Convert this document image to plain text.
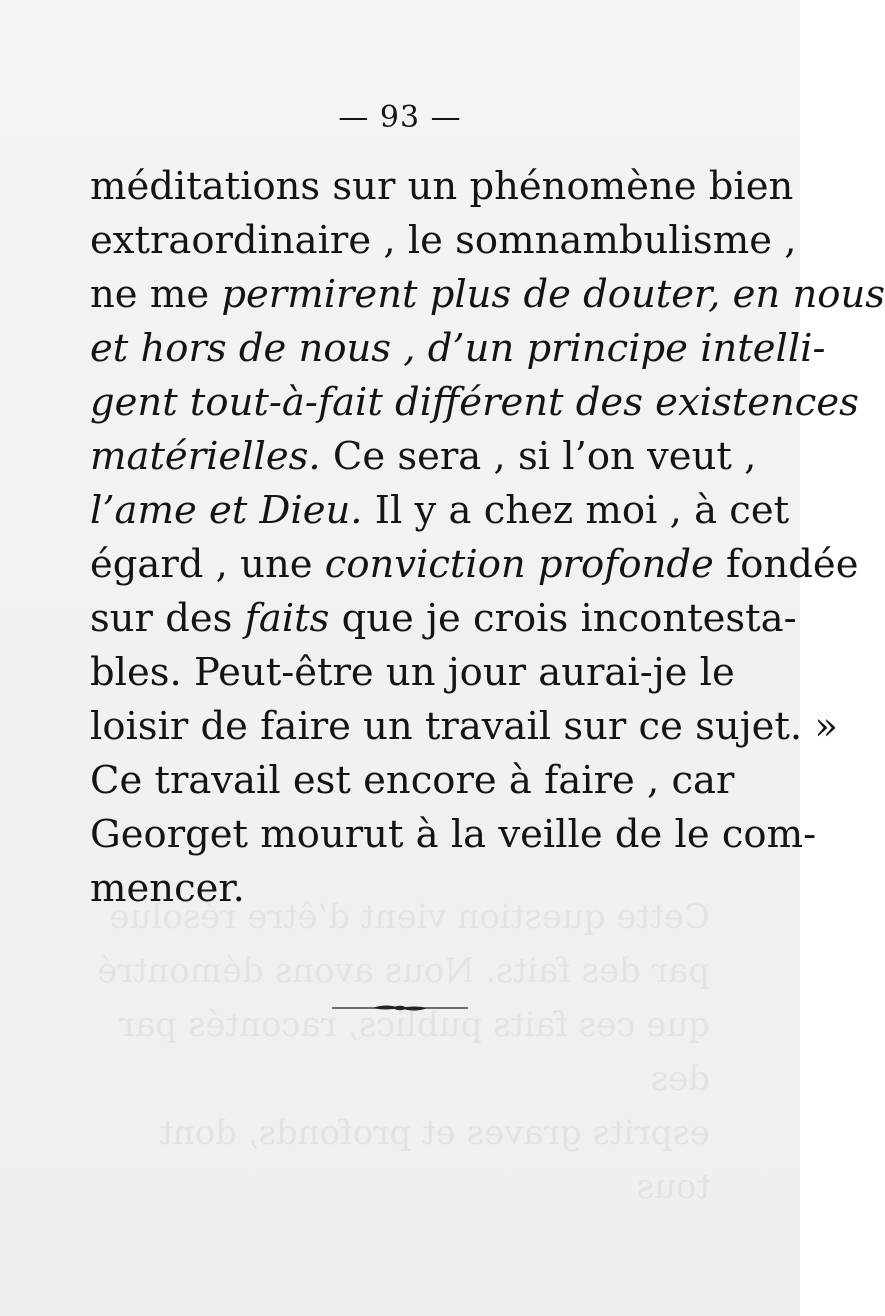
Cette question vient d’être résolue
par des faits. Nous avons démontré
que ces faits publics, racontés par des
esprits graves et profonds, dont tous
— 93 —
méditations sur un phénomène bien
extraordinaire , le somnambulisme ,
ne me permirent plus de douter, en nous
et hors de nous , d’un principe intelli-
gent tout-à-fait différent des existences
matérielles. Ce sera , si l’on veut ,
l’ame et Dieu. Il y a chez moi , à cet
égard , une conviction profonde fondée
sur des faits que je crois incontesta-
bles. Peut-être un jour aurai-je le
loisir de faire un travail sur ce sujet. »
Ce travail est encore à faire , car
Georget mourut à la veille de le com-
mencer.
